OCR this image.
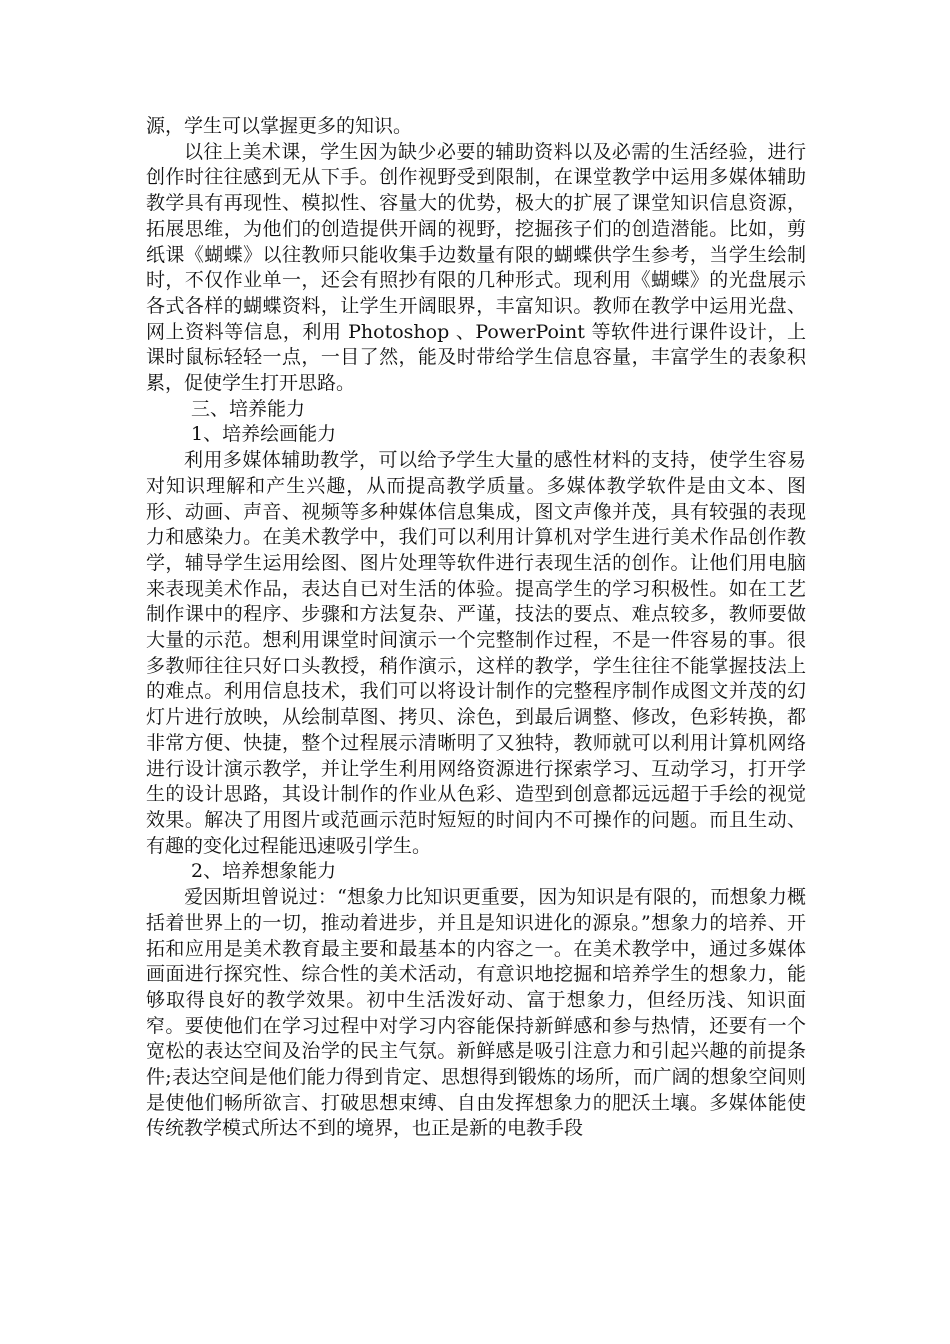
源，学生可以掌握更多的知识。

以往上美术课，学生因为缺少必要的辅助资料以及必需的生活经验，进行创作时往往感到无从下手。创作视野受到限制，在课堂教学中运用多媒体辅助教学具有再现性、模拟性、容量大的优势，极大的扩展了课堂知识信息资源，拓展思维，为他们的创造提供开阔的视野，挖掘孩子们的创造潜能。比如，剪纸课《蝴蝶》以往教师只能收集手边数量有限的蝴蝶供学生参考，当学生绘制时，不仅作业单一，还会有照抄有限的几种形式。现利用《蝴蝶》的光盘展示各式各样的蝴蝶资料，让学生开阔眼界，丰富知识。教师在教学中运用光盘、网上资料等信息，利用 Photoshop 、PowerPoint 等软件进行课件设计，上课时鼠标轻轻一点，一目了然，能及时带给学生信息容量，丰富学生的表象积累，促使学生打开思路。

三、培养能力

1、培养绘画能力

利用多媒体辅助教学，可以给予学生大量的感性材料的支持，使学生容易对知识理解和产生兴趣，从而提高教学质量。多媒体教学软件是由文本、图形、动画、声音、视频等多种媒体信息集成，图文声像并茂，具有较强的表现力和感染力。在美术教学中，我们可以利用计算机对学生进行美术作品创作教学，辅导学生运用绘图、图片处理等软件进行表现生活的创作。让他们用电脑来表现美术作品，表达自已对生活的体验。提高学生的学习积极性。如在工艺制作课中的程序、步骤和方法复杂、严谨，技法的要点、难点较多，教师要做大量的示范。想利用课堂时间演示一个完整制作过程，不是一件容易的事。很多教师往往只好口头教授，稍作演示，这样的教学，学生往往不能掌握技法上的难点。利用信息技术，我们可以将设计制作的完整程序制作成图文并茂的幻灯片进行放映，从绘制草图、拷贝、涂色，到最后调整、修改，色彩转换，都非常方便、快捷，整个过程展示清晰明了又独特，教师就可以利用计算机网络进行设计演示教学，并让学生利用网络资源进行探索学习、互动学习，打开学生的设计思路，其设计制作的作业从色彩、造型到创意都远远超于手绘的视觉效果。解决了用图片或范画示范时短短的时间内不可操作的问题。而且生动、有趣的变化过程能迅速吸引学生。

2、培养想象能力

爱因斯坦曾说过：“想象力比知识更重要，因为知识是有限的，而想象力概括着世界上的一切，推动着进步，并且是知识进化的源泉。”想象力的培养、开拓和应用是美术教育最主要和最基本的内容之一。在美术教学中，通过多媒体画面进行探究性、综合性的美术活动，有意识地挖掘和培养学生的想象力，能够取得良好的教学效果。初中生活泼好动、富于想象力，但经历浅、知识面窄。要使他们在学习过程中对学习内容能保持新鲜感和参与热情，还要有一个宽松的表达空间及治学的民主气氛。新鲜感是吸引注意力和引起兴趣的前提条件;表达空间是他们能力得到肯定、思想得到锻炼的场所，而广阔的想象空间则是使他们畅所欲言、打破思想束缚、自由发挥想象力的肥沃土壤。多媒体能使传统教学模式所达不到的境界，也正是新的电教手段
